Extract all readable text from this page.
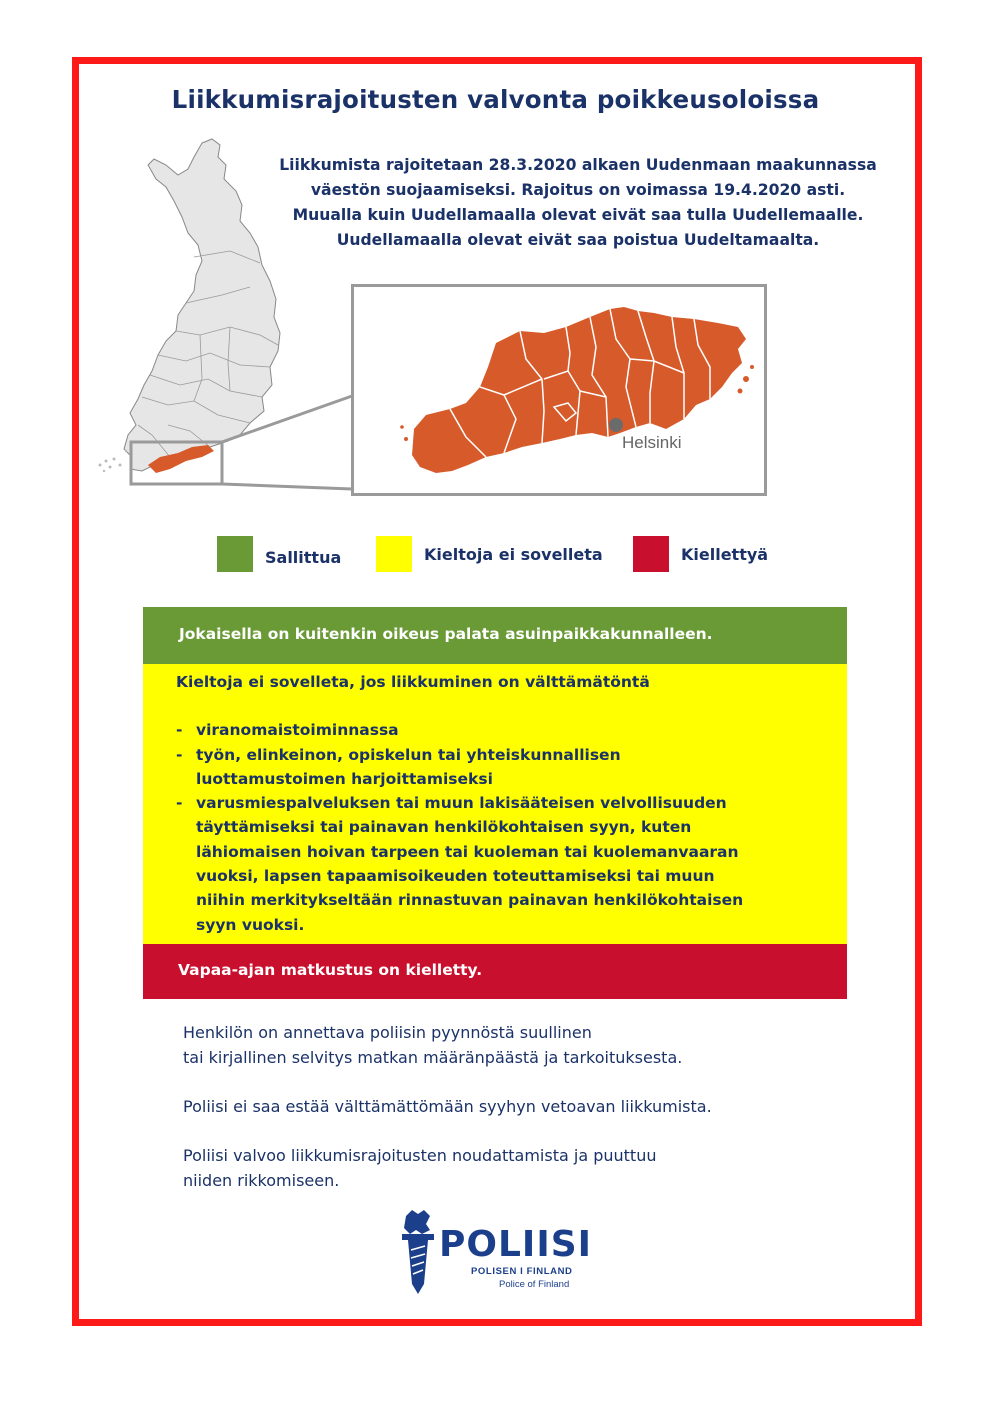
Liikkumisrajoitusten valvonta poikkeusoloissa
Helsinki
Liikkumista rajoitetaan 28.3.2020 alkaen Uudenmaan maakunnassa
väestön suojaamiseksi. Rajoitus on voimassa 19.4.2020 asti.
Muualla kuin Uudellamaalla olevat eivät saa tulla Uudellemaalle.
Uudellamaalla olevat eivät saa poistua Uudeltamaalta.
Sallittua	Kieltoja ei sovelleta	Kiellettyä
Jokaisella on kuitenkin oikeus palata asuinpaikkakunnalleen.
Kieltoja ei sovelleta, jos liikkuminen on välttämätöntä
- viranomaistoiminnassa
- työn, elinkeinon, opiskelun tai yhteiskunnallisen
luottamustoimen harjoittamiseksi
- varusmiespalveluksen tai muun lakisääteisen velvollisuuden
täyttämiseksi tai painavan henkilökohtaisen syyn, kuten
lähiomaisen hoivan tarpeen tai kuoleman tai kuolemanvaaran
vuoksi, lapsen tapaamisoikeuden toteuttamiseksi tai muun
niihin merkitykseltään rinnastuvan painavan henkilökohtaisen
syyn vuoksi.
Vapaa-ajan matkustus on kielletty.

Henkilön on annettava poliisin pyynnöstä suullinen
tai kirjallinen selvitys matkan määränpäästä ja tarkoituksesta.

Poliisi ei saa estää välttämättömään syyhyn vetoavan liikkumista.

Poliisi valvoo liikkumisrajoitusten noudattamista ja puuttuu
niiden rikkomiseen.

POLIISI
POLISEN I FINLAND
Police of Finland
